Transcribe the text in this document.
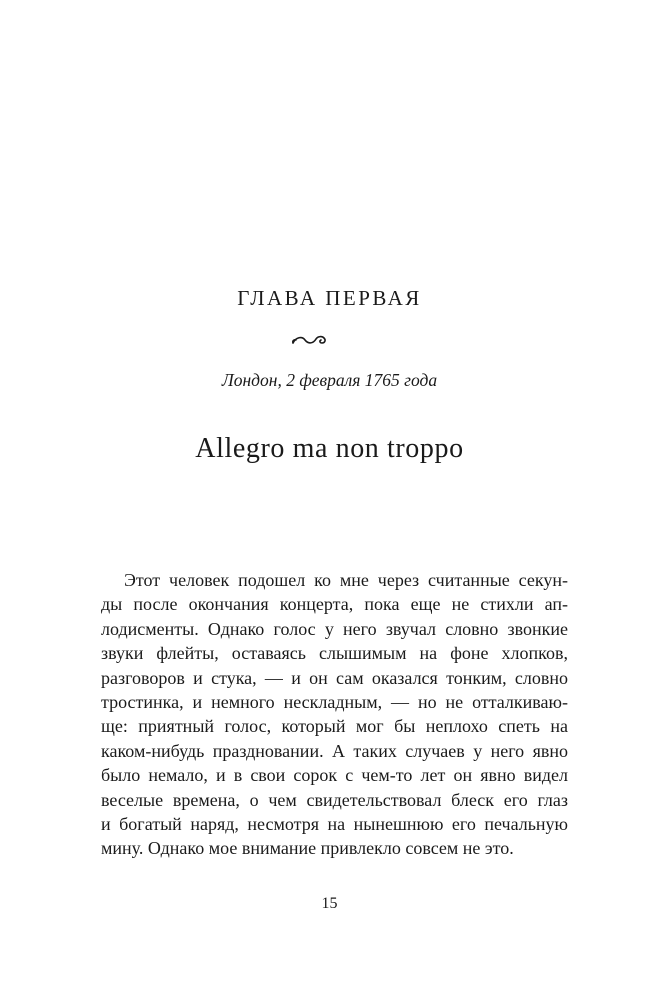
ГЛАВА ПЕРВАЯ
Лондон, 2 февраля 1765 года
Allegro ma non troppo
Этот человек подошел ко мне через считанные секун-
ды после окончания концерта, пока еще не стихли ап-
лодисменты. Однако голос у него звучал словно звонкие
звуки флейты, оставаясь слышимым на фоне хлопков,
разговоров и стука, — и он сам оказался тонким, словно
тростинка, и немного нескладным, — но не отталкиваю-
ще: приятный голос, который мог бы неплохо спеть на
каком-нибудь праздновании. А таких случаев у него явно
было немало, и в свои сорок с чем-то лет он явно видел
веселые времена, о чем свидетельствовал блеск его глаз
и богатый наряд, несмотря на нынешнюю его печальную
мину. Однако мое внимание привлекло совсем не это.
15
